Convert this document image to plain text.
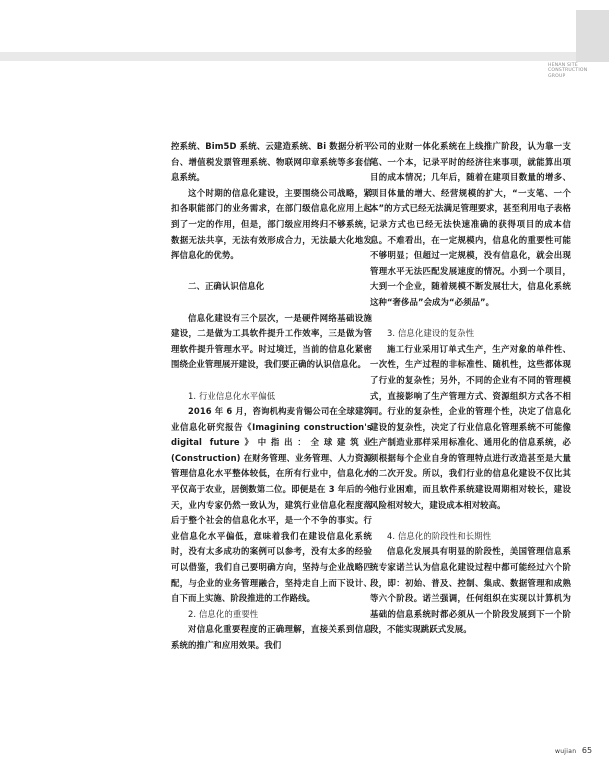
HENAN SITE
CONSTRUCTION
GROUP

控系统、Bim5D 系统、云建造系统、Bi 数据分析平台、增值税发票管理系统、物联网印章系统等多套信息系统。

这个时期的信息化建设，主要围绕公司战略，紧扣各职能部门的业务需求，在部门级信息化应用上起到了一定的作用，但是，部门级应用终归不够系统，数据无法共享，无法有效形成合力，无法最大化地发挥信息化的优势。

二、正确认识信息化

信息化建设有三个层次，一是硬件网络基础设施建设，二是做为工具软件提升工作效率，三是做为管理软件提升管理水平。时过境迁，当前的信息化紧密围绕企业管理展开建设，我们要正确的认识信息化。

1. 行业信息化水平偏低

2016 年 6 月，咨询机构麦肯锡公司在全球建筑业信息化研究报告《Imagining construction's digital future》中指出：全球建筑业 (Construction) 在财务管理、业务管理、人力资源管理信息化水平整体较低，在所有行业中，信息化水平仅高于农业，居倒数第二位。即便是在 3 年后的今天，业内专家仍然一致认为，建筑行业信息化程度落后于整个社会的信息化水平，是一个不争的事实。行业信息化水平偏低，意味着我们在建设信息化系统时，没有太多成功的案例可以参考，没有太多的经验可以借鉴，我们自己要明确方向，坚持与企业战略匹配，与企业的业务管理融合，坚持走自上而下设计、自下而上实施、阶段推进的工作路线。

2. 信息化的重要性

对信息化重要程度的正确理解，直接关系到信息系统的推广和应用效果。我们

公司的业财一体化系统在上线推广阶段，认为靠一支笔、一个本，记录平时的经济往来事项，就能算出项目的成本情况；几年后，随着在建项目数量的增多、项目体量的增大、经营规模的扩大，“一支笔、一个本”的方式已经无法满足管理要求，甚至利用电子表格记录方式也已经无法快速准确的获得项目的成本信息。不难看出，在一定规模内，信息化的重要性可能不够明显；但超过一定规模，没有信息化，就会出现管理水平无法匹配发展速度的情况。小到一个项目，大到一个企业，随着规模不断发展壮大，信息化系统这种“奢侈品”会成为“必须品”。

3. 信息化建设的复杂性

施工行业采用订单式生产，生产对象的单件性、一次性，生产过程的非标准性、随机性，这些都体现了行业的复杂性；另外，不同的企业有不同的管理模式，直接影响了生产管理方式、资源组织方式各不相同。行业的复杂性，企业的管理个性，决定了信息化建设的复杂性，决定了行业信息化管理系统不可能像生产制造业那样采用标准化、通用化的信息系统，必须根据每个企业自身的管理特点进行改造甚至是大量的二次开发。所以，我们行业的信息化建设不仅比其他行业困难，而且软件系统建设周期相对较长，建设风险相对较大，建设成本相对较高。

4. 信息化的阶段性和长期性

信息化发展具有明显的阶段性，美国管理信息系统专家诺兰认为信息化建设过程中都可能经过六个阶段，即：初始、普及、控制、集成、数据管理和成熟等六个阶段。诺兰强调，任何组织在实现以计算机为基础的信息系统时都必须从一个阶段发展到下一个阶段，不能实现跳跃式发展。

wujian 65
